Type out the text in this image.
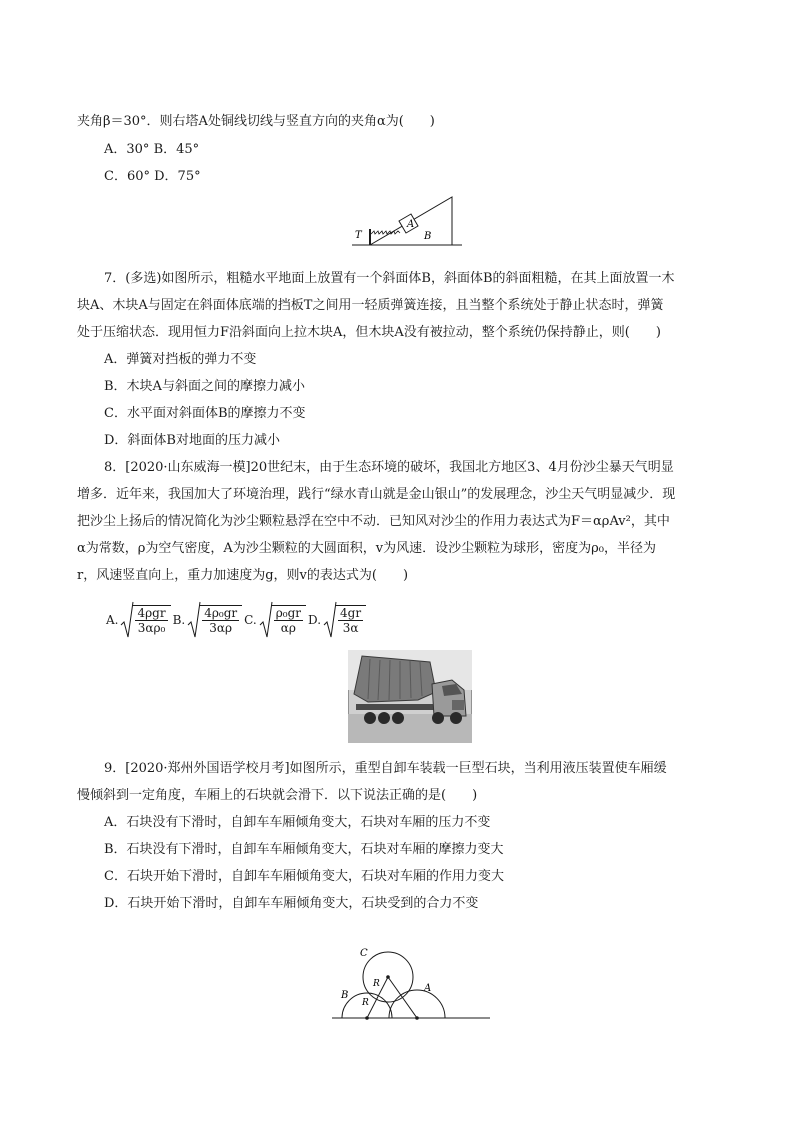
夹角β＝30°．则右塔A处铜线切线与竖直方向的夹角α为(　　)
A．30° B．45°
C．60° D．75°
T
A
B
7．(多选)如图所示，粗糙水平地面上放置有一个斜面体B，斜面体B的斜面粗糙，在其上面放置一木
块A、木块A与固定在斜面体底端的挡板T之间用一轻质弹簧连接，且当整个系统处于静止状态时，弹簧
处于压缩状态．现用恒力F沿斜面向上拉木块A，但木块A没有被拉动，整个系统仍保持静止，则(　　)
A．弹簧对挡板的弹力不变
B．木块A与斜面之间的摩擦力减小
C．水平面对斜面体B的摩擦力不变
D．斜面体B对地面的压力减小
8．[2020·山东威海一模]20世纪末，由于生态环境的破坏，我国北方地区3、4月份沙尘暴天气明显
增多．近年来，我国加大了环境治理，践行“绿水青山就是金山银山”的发展理念，沙尘天气明显减少．现
把沙尘上扬后的情况简化为沙尘颗粒悬浮在空中不动．已知风对沙尘的作用力表达式为F＝αρAv²，其中
α为常数，ρ为空气密度，A为沙尘颗粒的大圆面积，v为风速．设沙尘颗粒为球形，密度为ρ₀，半径为
r，风速竖直向上，重力加速度为g，则v的表达式为(　　)
A. $\frac{\text{4ρgr}}{\text{3αρ₀}} B$. $\frac{\text{4ρ₀gr}}{3\alpha\rho} C$. $\frac{\text{ρ₀gr}}{\alpha\rho} D$. $\frac{4gr}{3\alpha}$
9．[2020·郑州外国语学校月考]如图所示，重型自卸车装载一巨型石块，当利用液压装置使车厢缓
慢倾斜到一定角度，车厢上的石块就会滑下．以下说法正确的是(　　)
A．石块没有下滑时，自卸车车厢倾角变大，石块对车厢的压力不变
B．石块没有下滑时，自卸车车厢倾角变大，石块对车厢的摩擦力变大
C．石块开始下滑时，自卸车车厢倾角变大，石块对车厢的作用力变大
D．石块开始下滑时，自卸车车厢倾角变大，石块受到的合力不变
C
A
B
R
R
